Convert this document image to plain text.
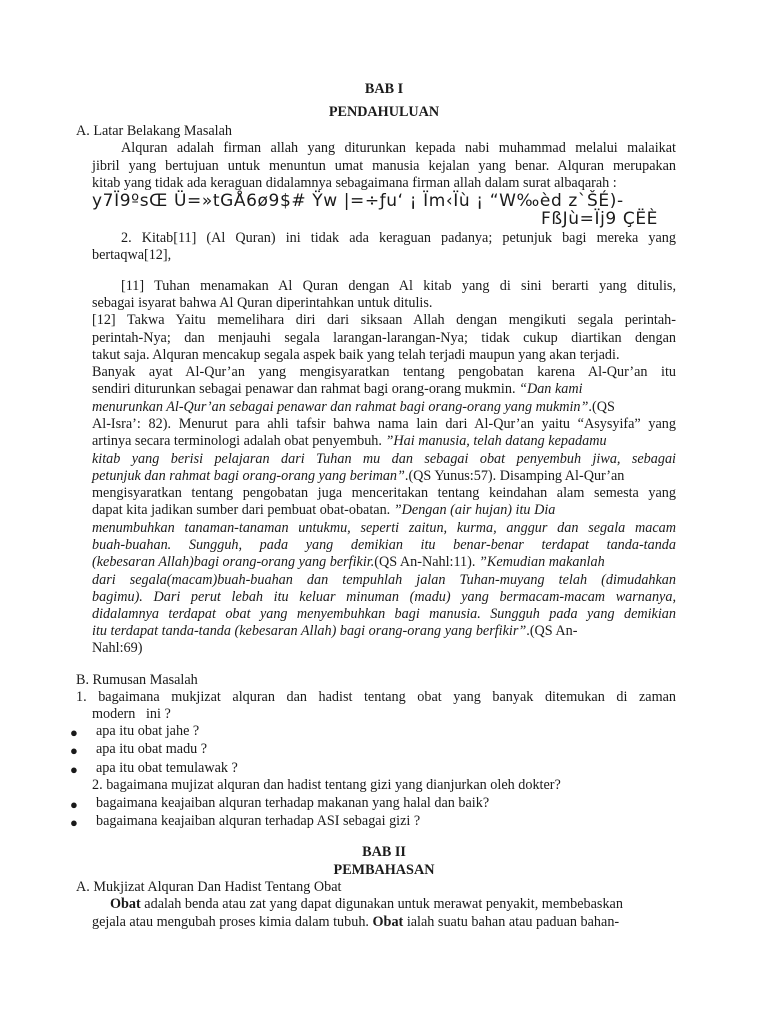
BAB I
PENDAHULUAN
A. Latar Belakang Masalah
Alquran adalah firman allah yang diturunkan kepada nabi muhammad melalui malaikat
jibril yang bertujuan untuk menuntun umat manusia kejalan yang benar. Alquran merupakan
kitab yang tidak ada keraguan didalamnya sebagaimana firman allah dalam surat albaqarah :
y7Ï9ºsŒ Ü=»tGÅ6ø9$# Ÿw |=÷ƒu‘ ¡ Ïm‹Ïù ¡ “W‰èd z`ŠÉ)-
FßJù=Ïj9 ÇËÈ
2. Kitab[11] (Al Quran) ini tidak ada keraguan padanya; petunjuk bagi mereka yang
bertaqwa[12],
[11] Tuhan menamakan Al Quran dengan Al kitab yang di sini berarti yang ditulis,
sebagai isyarat bahwa Al Quran diperintahkan untuk ditulis.
[12] Takwa Yaitu memelihara diri dari siksaan Allah dengan mengikuti segala perintah-
perintah-Nya; dan menjauhi segala larangan-larangan-Nya; tidak cukup diartikan dengan
takut saja. Alquran mencakup segala aspek baik yang telah terjadi maupun yang akan terjadi.
Banyak ayat Al-Qur’an yang mengisyaratkan tentang pengobatan karena Al-Qur’an itu
sendiri diturunkan sebagai penawar dan rahmat bagi orang-orang mukmin. “Dan kami
menurunkan Al-Qur’an sebagai penawar dan rahmat bagi orang-orang yang mukmin”.(QS
Al-Isra’: 82). Menurut para ahli tafsir bahwa nama lain dari Al-Qur’an yaitu “Asysyifa” yang
artinya secara terminologi adalah obat penyembuh. ”Hai manusia, telah datang kepadamu
kitab yang berisi pelajaran dari Tuhan mu dan sebagai obat penyembuh jiwa, sebagai
petunjuk dan rahmat bagi orang-orang yang beriman”.(QS Yunus:57). Disamping Al-Qur’an
mengisyaratkan tentang pengobatan juga menceritakan tentang keindahan alam semesta yang
dapat kita jadikan sumber dari pembuat obat-obatan. ”Dengan (air hujan) itu Dia
menumbuhkan tanaman-tanaman untukmu, seperti zaitun, kurma, anggur dan segala macam
buah-buahan. Sungguh, pada yang demikian itu benar-benar terdapat tanda-tanda
(kebesaran Allah)bagi orang-orang yang berfikir.(QS An-Nahl:11). ”Kemudian makanlah
dari segala(macam)buah-buahan dan tempuhlah jalan Tuhan-muyang telah (dimudahkan
bagimu). Dari perut lebah itu keluar minuman (madu) yang bermacam-macam warnanya,
didalamnya terdapat obat yang menyembuhkan bagi manusia. Sungguh pada yang demikian
itu terdapat tanda-tanda (kebesaran Allah) bagi orang-orang yang berfikir”.(QS An-
Nahl:69)
B. Rumusan Masalah
1. bagaimana mukjizat alquran dan hadist tentang obat yang banyak ditemukan di zaman
modern   ini ?
● apa itu obat jahe ?
● apa itu obat madu ?
● apa itu obat temulawak ?
2. bagaimana mujizat alquran dan hadist tentang gizi yang dianjurkan oleh dokter?
● bagaimana keajaiban alquran terhadap makanan yang halal dan baik?
● bagaimana keajaiban alquran terhadap ASI sebagai gizi ?
BAB II
PEMBAHASAN
A. Mukjizat Alquran Dan Hadist Tentang Obat
Obat adalah benda atau zat yang dapat digunakan untuk merawat penyakit, membebaskan
gejala atau mengubah proses kimia dalam tubuh. Obat ialah suatu bahan atau paduan bahan-
